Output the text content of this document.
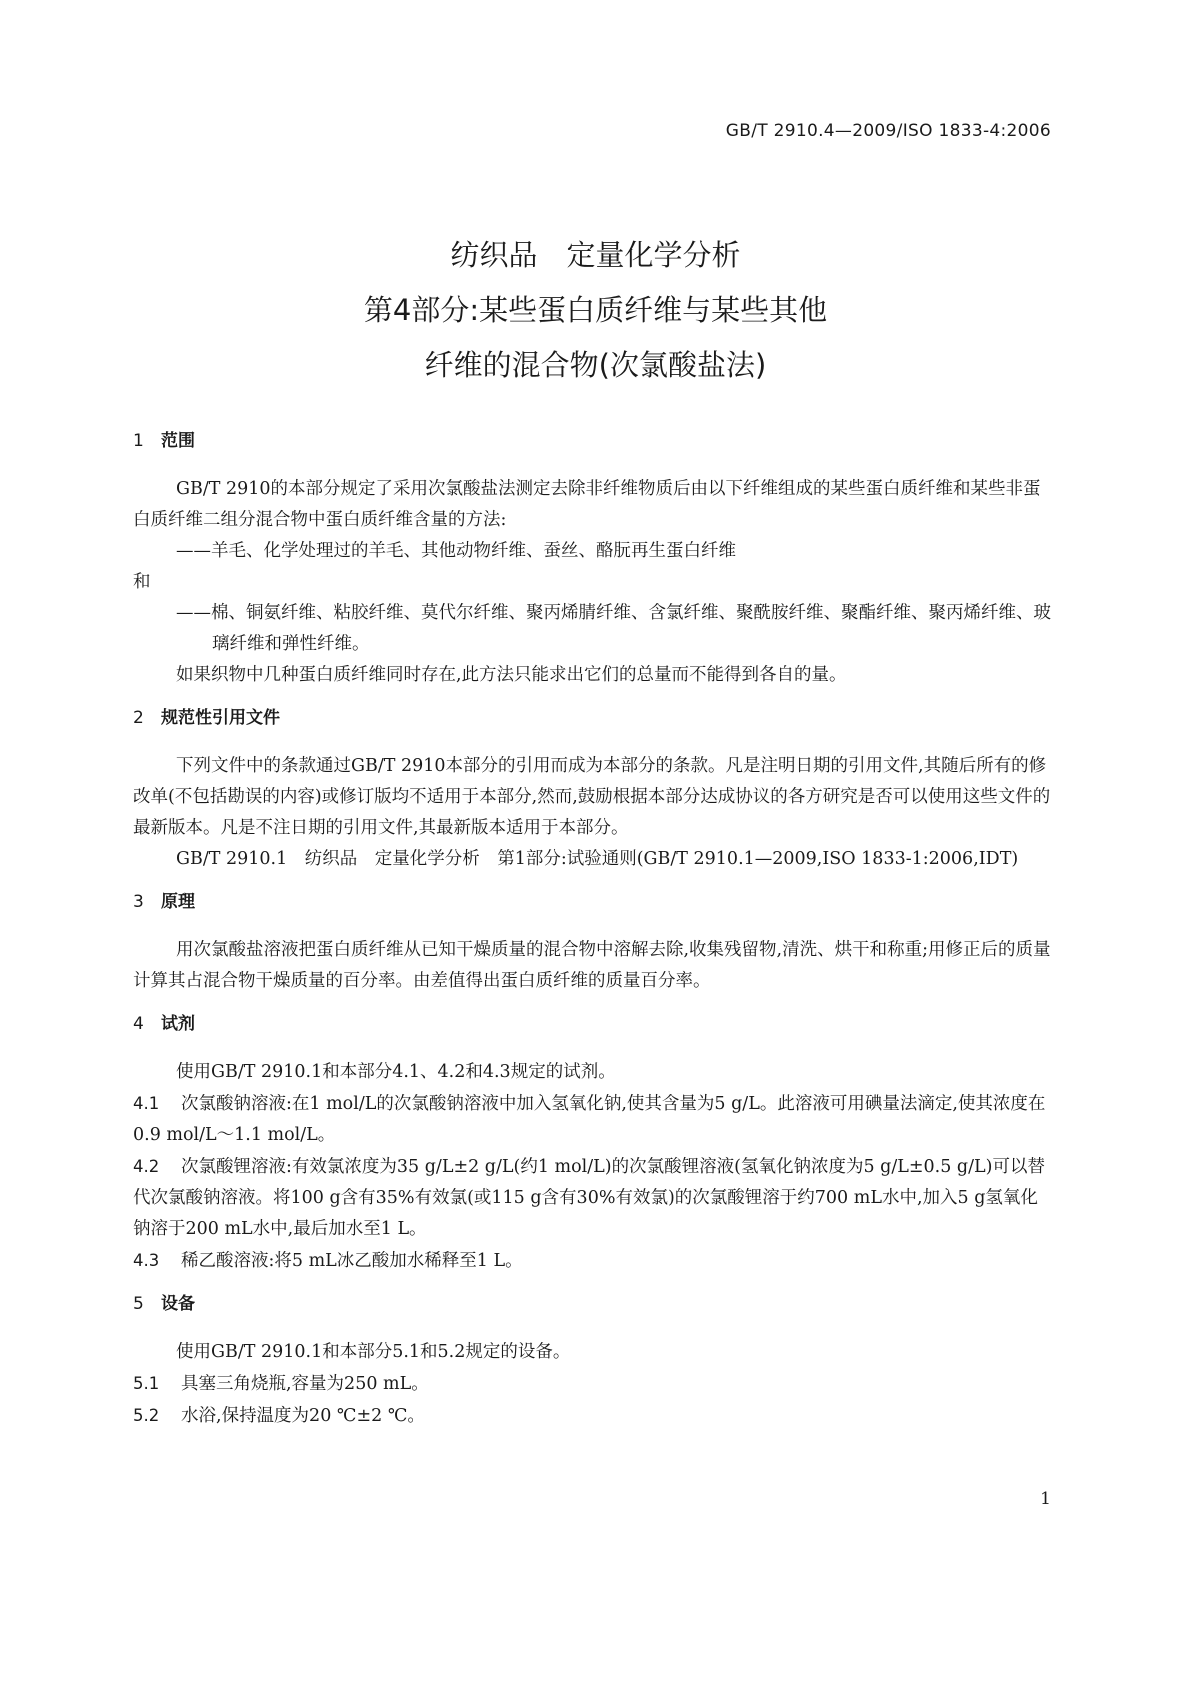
GB/T 2910.4—2009/ISO 1833-4:2006
纺织品　定量化学分析
第4部分:某些蛋白质纤维与某些其他
纤维的混合物(次氯酸盐法)
1 范围

GB/T 2910的本部分规定了采用次氯酸盐法测定去除非纤维物质后由以下纤维组成的某些蛋白质纤维和某些非蛋白质纤维二组分混合物中蛋白质纤维含量的方法:

——羊毛、化学处理过的羊毛、其他动物纤维、蚕丝、酪朊再生蛋白纤维

和

——棉、铜氨纤维、粘胶纤维、莫代尔纤维、聚丙烯腈纤维、含氯纤维、聚酰胺纤维、聚酯纤维、聚丙烯纤维、玻璃纤维和弹性纤维。

如果织物中几种蛋白质纤维同时存在,此方法只能求出它们的总量而不能得到各自的量。

2 规范性引用文件

下列文件中的条款通过GB/T 2910本部分的引用而成为本部分的条款。凡是注明日期的引用文件,其随后所有的修改单(不包括勘误的内容)或修订版均不适用于本部分,然而,鼓励根据本部分达成协议的各方研究是否可以使用这些文件的最新版本。凡是不注日期的引用文件,其最新版本适用于本部分。

GB/T 2910.1　纺织品　定量化学分析　第1部分:试验通则(GB/T 2910.1—2009,ISO 1833-1:2006,IDT)

3 原理

用次氯酸盐溶液把蛋白质纤维从已知干燥质量的混合物中溶解去除,收集残留物,清洗、烘干和称重;用修正后的质量计算其占混合物干燥质量的百分率。由差值得出蛋白质纤维的质量百分率。

4 试剂

使用GB/T 2910.1和本部分4.1、4.2和4.3规定的试剂。

4.1 次氯酸钠溶液:在1 mol/L的次氯酸钠溶液中加入氢氧化钠,使其含量为5 g/L。此溶液可用碘量法滴定,使其浓度在0.9 mol/L～1.1 mol/L。

4.2 次氯酸锂溶液:有效氯浓度为35 g/L±2 g/L(约1 mol/L)的次氯酸锂溶液(氢氧化钠浓度为5 g/L±0.5 g/L)可以替代次氯酸钠溶液。将100 g含有35%有效氯(或115 g含有30%有效氯)的次氯酸锂溶于约700 mL水中,加入5 g氢氧化钠溶于200 mL水中,最后加水至1 L。

4.3 稀乙酸溶液:将5 mL冰乙酸加水稀释至1 L。

5 设备

使用GB/T 2910.1和本部分5.1和5.2规定的设备。

5.1 具塞三角烧瓶,容量为250 mL。

5.2 水浴,保持温度为20 ℃±2 ℃。

1
